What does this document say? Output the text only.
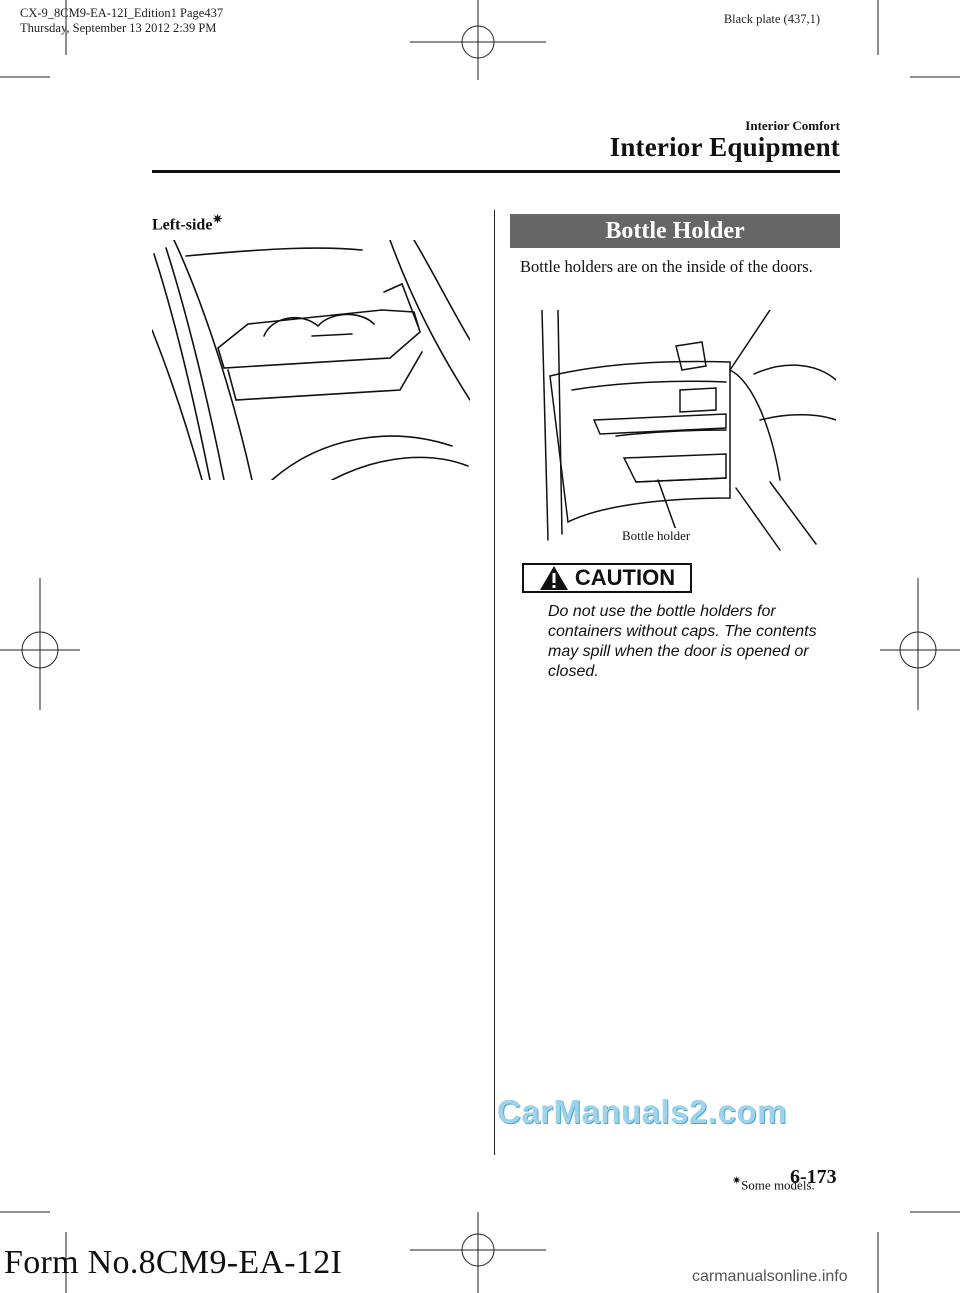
CX-9_8CM9-EA-12I_Edition1 Page437
Thursday, September 13 2012 2:39 PM
Black plate (437,1)
Interior Comfort
Interior Equipment
Left-side✷	Bottle Holder
Bottle holders are on the inside of the doors.
Bottle holder
CAUTION
Do not use the bottle holders for containers without caps. The contents may spill when the door is opened or closed.
CarManuals2.com
✷Some models.
6-173
Form No.8CM9-EA-12I	carmanualsonline.info
